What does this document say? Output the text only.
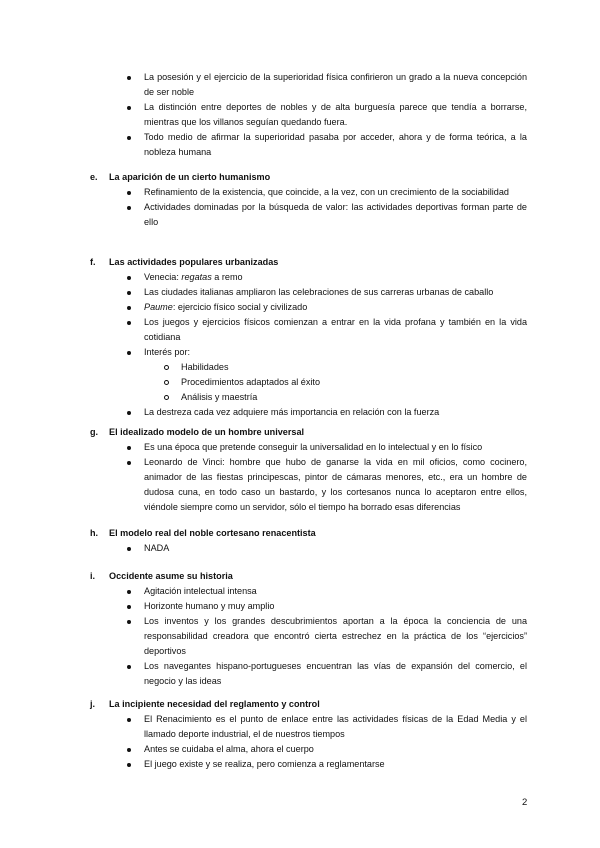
La posesión y el ejercicio de la superioridad física confirieron un grado a la nueva concepción de ser noble
La distinción entre deportes de nobles y de alta burguesía parece que tendía a borrarse, mientras que los villanos seguían quedando fuera.
Todo medio de afirmar la superioridad pasaba por acceder, ahora y de forma teórica, a la nobleza humana
e.	La aparición de un cierto humanismo
Refinamiento de la existencia, que coincide, a la vez, con un crecimiento de la sociabilidad
Actividades dominadas por la búsqueda de valor: las actividades deportivas forman parte de ello
f.	Las actividades populares urbanizadas
Venecia: regatas a remo
Las ciudades italianas ampliaron las celebraciones de sus carreras urbanas de caballo
Paume: ejercicio físico social y civilizado
Los juegos y ejercicios físicos comienzan a entrar en la vida profana y también en la vida cotidiana
Interés por:
Habilidades
Procedimientos adaptados al éxito
Análisis y maestría
La destreza cada vez adquiere más importancia en relación con la fuerza
g.	El idealizado modelo de un hombre universal
Es una época que pretende conseguir la universalidad en lo intelectual y en lo físico
Leonardo de Vinci: hombre que hubo de ganarse la vida en mil oficios, como cocinero, animador de las fiestas principescas, pintor de cámaras menores, etc., era un hombre de dudosa cuna, en todo caso un bastardo, y los cortesanos nunca lo aceptaron entre ellos, viéndole siempre como un servidor, sólo el tiempo ha borrado esas diferencias
h.	El modelo real del noble cortesano renacentista
NADA
i.	Occidente asume su historia
Agitación intelectual intensa
Horizonte humano y muy amplio
Los inventos y los grandes descubrimientos aportan a la época la conciencia de una responsabilidad creadora que encontró cierta estrechez en la práctica de los “ejercicios” deportivos
Los navegantes hispano-portugueses encuentran las vías de expansión del comercio, el negocio y las ideas
j.	La incipiente necesidad del reglamento y control
El Renacimiento es el punto de enlace entre las actividades físicas de la Edad Media y el llamado deporte industrial, el de nuestros tiempos
Antes se cuidaba el alma, ahora el cuerpo
El juego existe y se realiza, pero comienza a reglamentarse
2
